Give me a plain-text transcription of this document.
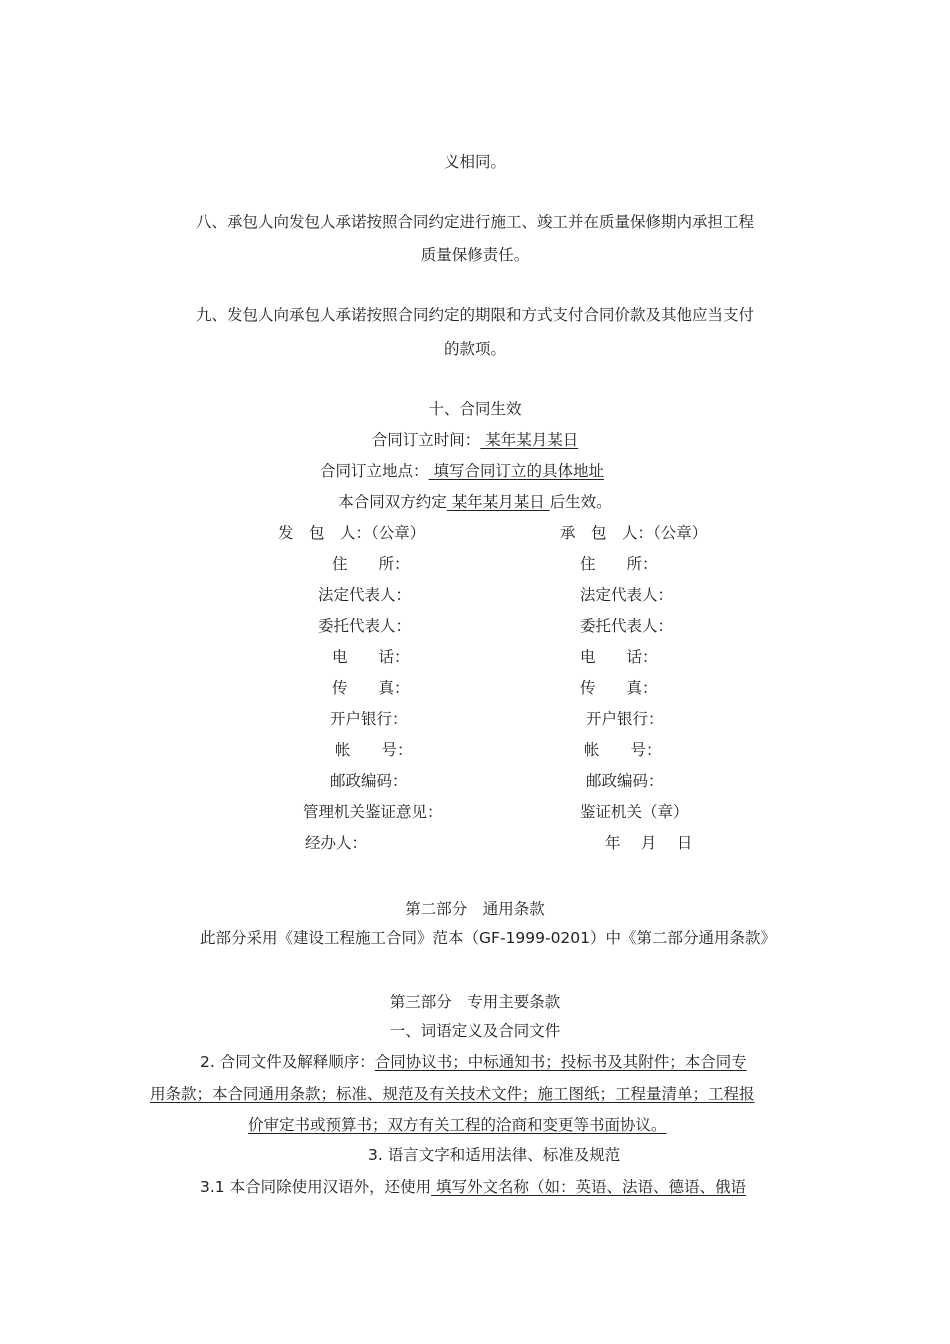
义相同。
八、承包人向发包人承诺按照合同约定进行施工、竣工并在质量保修期内承担工程
质量保修责任。
九、发包人向承包人承诺按照合同约定的期限和方式支付合同价款及其他应当支付
的款项。
十、合同生效
合同订立时间： 某年某月某日
合同订立地点： 填写合同订立的具体地址
本合同双方约定 某年某月某日 后生效。
发　包　人：（公章）	承　包　人：（公章）
住　　所：	住　　所：
法定代表人：	法定代表人：
委托代表人：	委托代表人：
电　　话：	电　　话：
传　　真：	传　　真：
开户银行：	开户银行：
帐　　号：	帐　　号：
邮政编码：	邮政编码：
管理机关鉴证意见：	鉴证机关（章）
经办人：	年　 月　 日
第二部分　通用条款
此部分采用《建设工程施工合同》范本（GF-1999-0201）中《第二部分通用条款》
第三部分　专用主要条款
一、词语定义及合同文件
2. 合同文件及解释顺序：合同协议书；中标通知书；投标书及其附件；本合同专
用条款；本合同通用条款；标准、规范及有关技术文件；施工图纸；工程量清单；工程报
价审定书或预算书；双方有关工程的洽商和变更等书面协议。
3. 语言文字和适用法律、标准及规范
3.1 本合同除使用汉语外，还使用 填写外文名称（如：英语、法语、德语、俄语
